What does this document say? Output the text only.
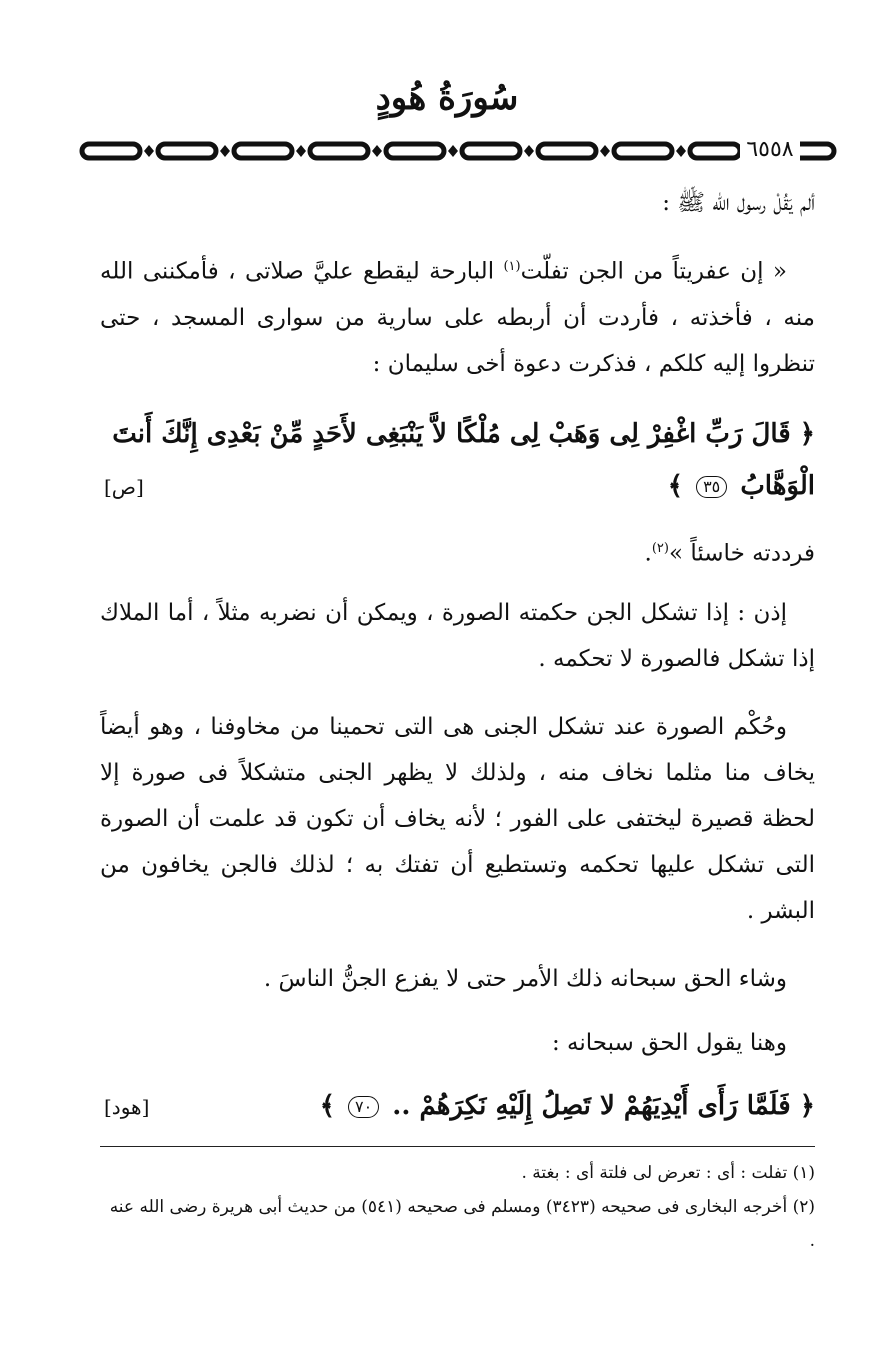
سُورَةُ هُودٍ
٦٥٥٨
ألم يَقُلْ رسول الله ﷺ :
« إن عفريتاً من الجن تفلّت$^{(١)}$ البارحة ليقطع عليَّ صلاتى ، فأمكننى الله منه ، فأخذته ، فأردت أن أربطه على سارية من سوارى المسجد ، حتى تنظروا إليه كلكم ، فذكرت دعوة أخى سليمان :
﴿ قَالَ رَبِّ اغْفِرْ لِى وَهَبْ لِى مُلْكًا لاَّ يَنْبَغِى لأَحَدٍ مِّنْ بَعْدِى إِنَّكَ أَنتَ الْوَهَّابُ ٣٥ ﴾
[ص]
فرددته خاسئاً »$^{(٢)}$.
إذن : إذا تشكل الجن حكمته الصورة ، ويمكن أن نضربه مثلاً ، أما الملاك إذا تشكل فالصورة لا تحكمه .
وحُكْم الصورة عند تشكل الجنى هى التى تحمينا من مخاوفنا ، وهو أيضاً يخاف منا مثلما نخاف منه ، ولذلك لا يظهر الجنى متشكلاً فى صورة إلا لحظة قصيرة ليختفى على الفور ؛ لأنه يخاف أن تكون قد علمت أن الصورة التى تشكل عليها تحكمه وتستطيع أن تفتك به ؛ لذلك فالجن يخافون من البشر .
وشاء الحق سبحانه ذلك الأمر حتى لا يفزع الجنُّ الناسَ .
وهنا يقول الحق سبحانه :
﴿ فَلَمَّا رَأَى أَيْدِيَهُمْ لا تَصِلُ إِلَيْهِ نَكِرَهُمْ .. ٧٠ ﴾
[هود]

(١) تفلت : أى : تعرض لى فلتة أى : بغتة .

(٢) أخرجه البخارى فى صحيحه (٣٤٢٣) ومسلم فى صحيحه (٥٤١) من حديث أبى هريرة رضى الله عنه .
